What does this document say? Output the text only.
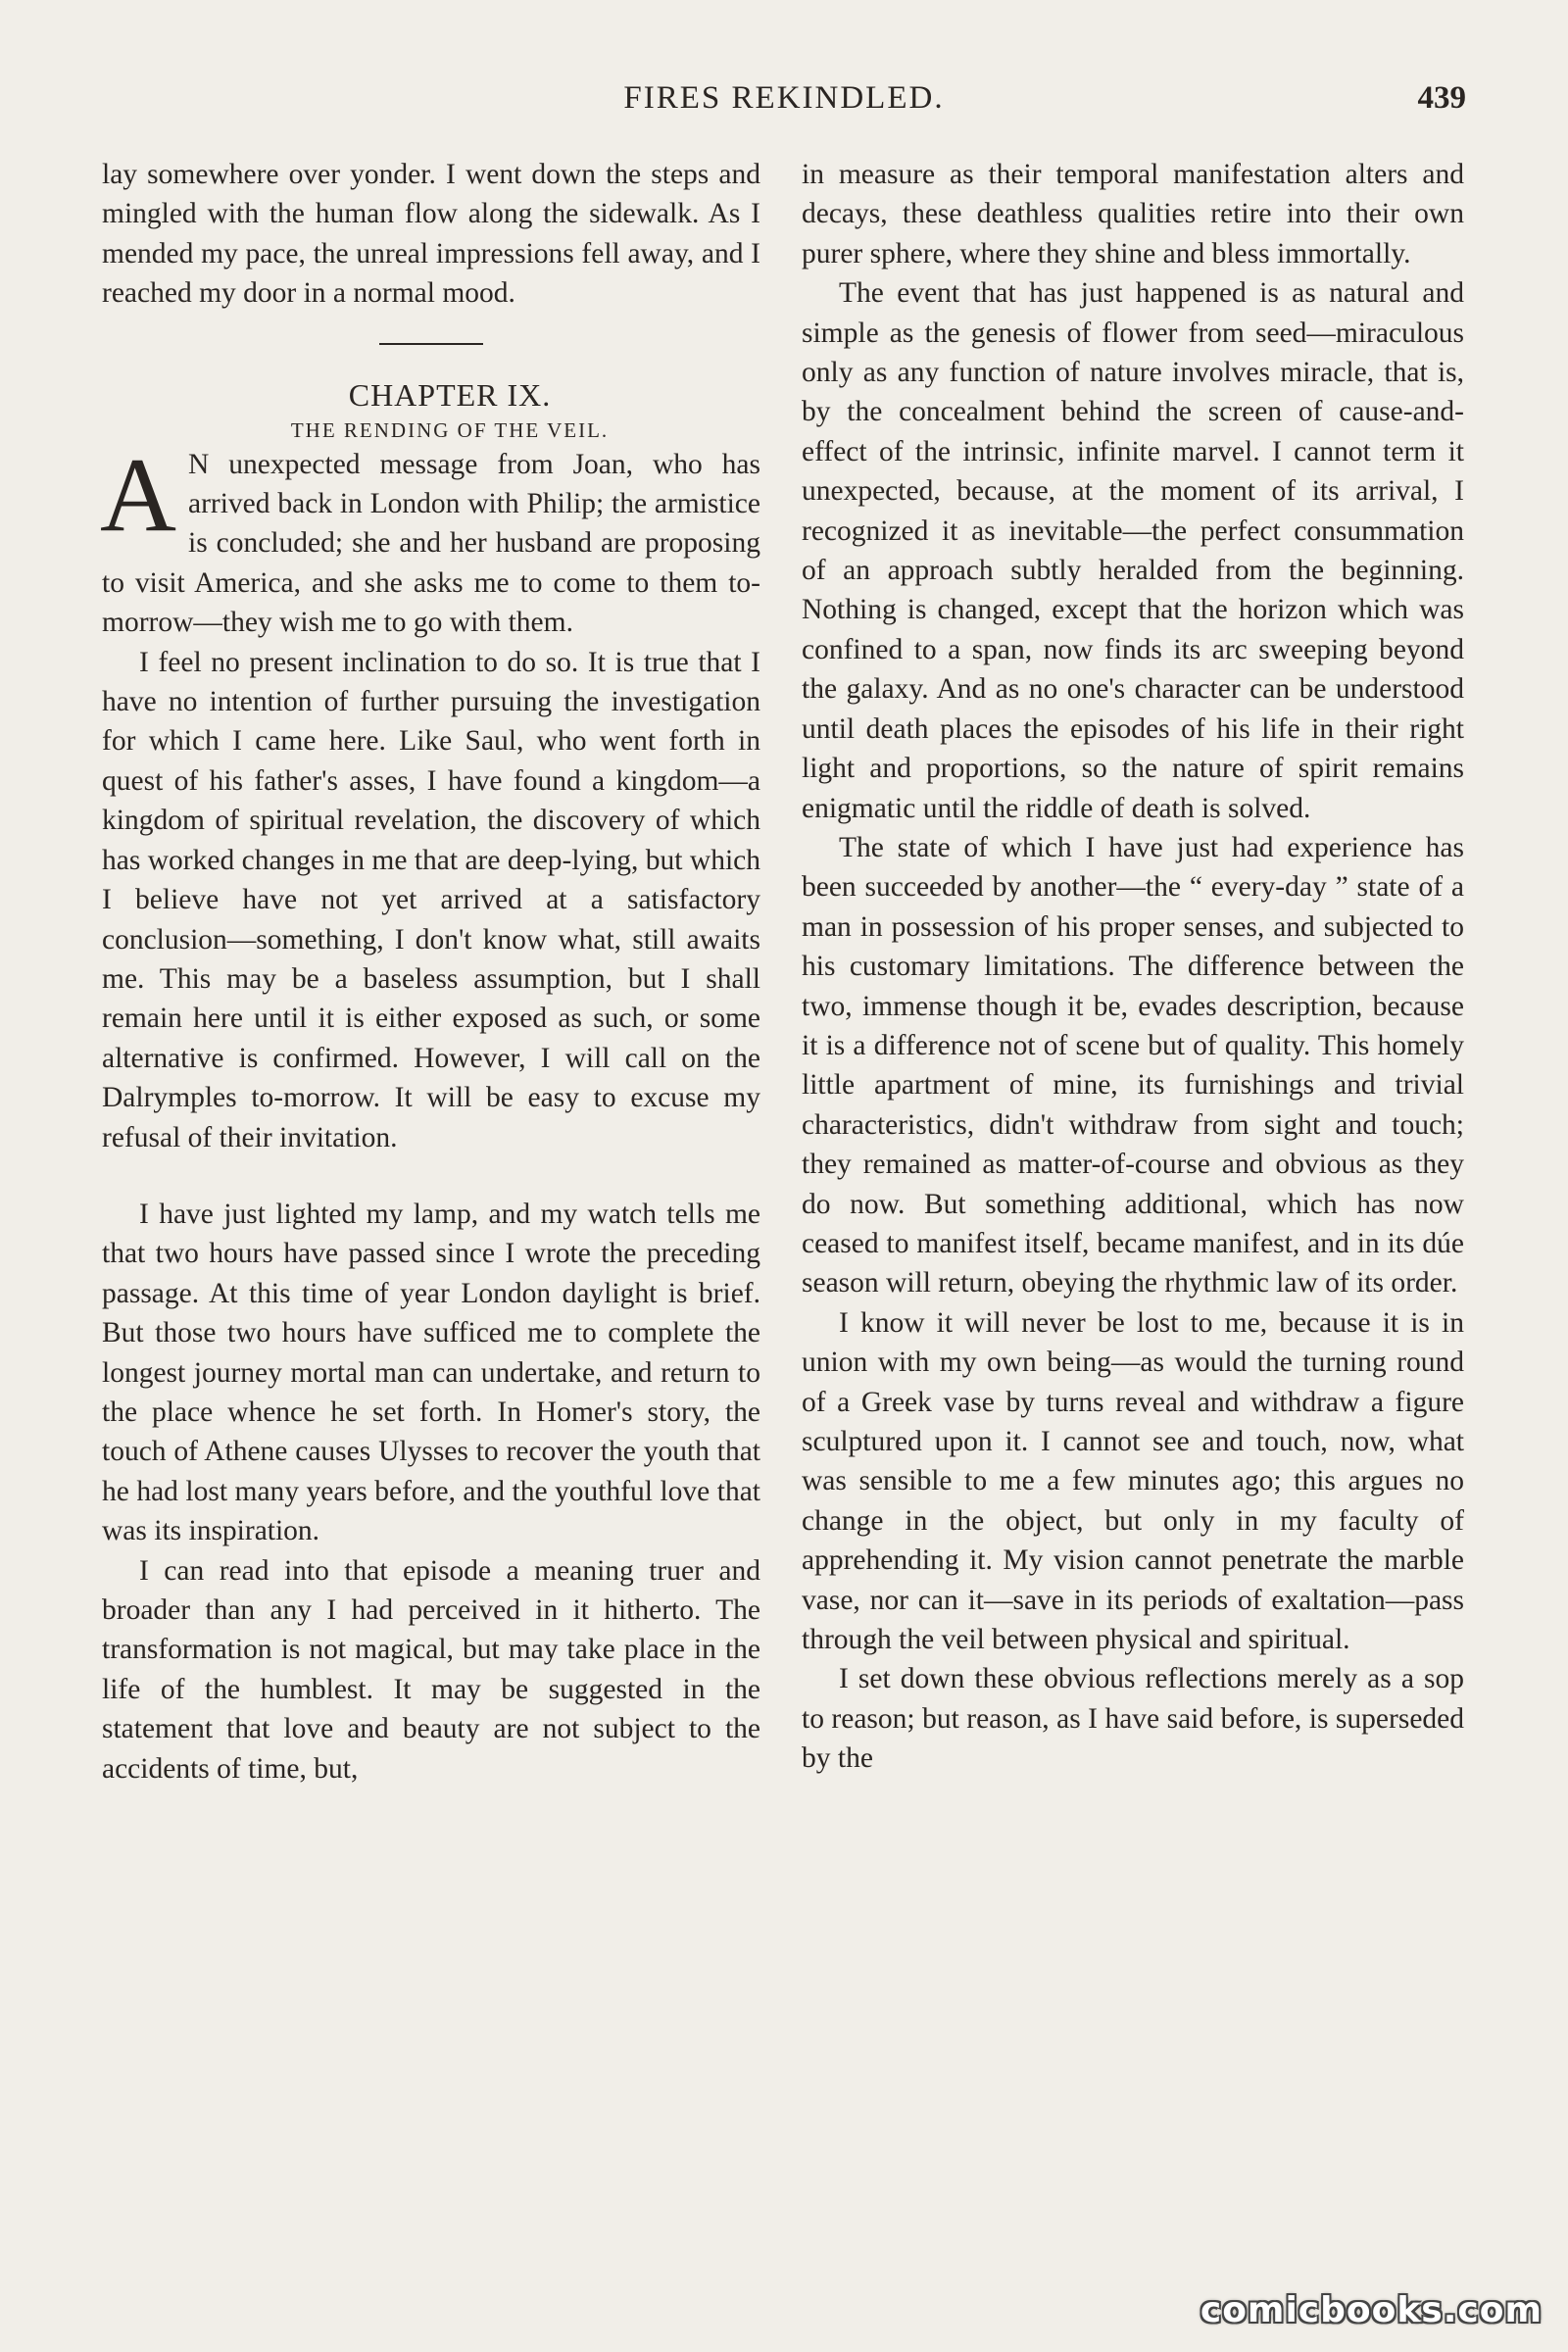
FIRES REKINDLED.	439

lay somewhere over yonder. I went down the steps and mingled with the human flow along the sidewalk. As I mended my pace, the unreal impressions fell away, and I reached my door in a normal mood.

CHAPTER IX.

THE RENDING OF THE VEIL.

A N unexpected message from Joan, who has arrived back in London with Philip; the armistice is concluded; she and her husband are proposing to visit America, and she asks me to come to them to-morrow—they wish me to go with them.

I feel no present inclination to do so. It is true that I have no intention of further pursuing the investigation for which I came here. Like Saul, who went forth in quest of his father's asses, I have found a kingdom—a kingdom of spiritual revelation, the discovery of which has worked changes in me that are deep-lying, but which I believe have not yet arrived at a satisfactory conclusion—something, I don't know what, still awaits me. This may be a baseless assumption, but I shall remain here until it is either exposed as such, or some alternative is confirmed. However, I will call on the Dalrymples to-morrow. It will be easy to excuse my refusal of their invitation.

I have just lighted my lamp, and my watch tells me that two hours have passed since I wrote the preceding passage. At this time of year London daylight is brief. But those two hours have sufficed me to complete the longest journey mortal man can undertake, and return to the place whence he set forth. In Homer's story, the touch of Athene causes Ulysses to recover the youth that he had lost many years before, and the youthful love that was its inspiration.

I can read into that episode a meaning truer and broader than any I had perceived in it hitherto. The transformation is not magical, but may take place in the life of the humblest. It may be suggested in the statement that love and beauty are not subject to the accidents of time, but,

in measure as their temporal manifestation alters and decays, these deathless qualities retire into their own purer sphere, where they shine and bless immortally.

The event that has just happened is as natural and simple as the genesis of flower from seed—miraculous only as any function of nature involves miracle, that is, by the concealment behind the screen of cause-and-effect of the intrinsic, infinite marvel. I cannot term it unexpected, because, at the moment of its arrival, I recognized it as inevitable—the perfect consummation of an approach subtly heralded from the beginning. Nothing is changed, except that the horizon which was confined to a span, now finds its arc sweeping beyond the galaxy. And as no one's character can be understood until death places the episodes of his life in their right light and proportions, so the nature of spirit remains enigmatic until the riddle of death is solved.

The state of which I have just had experience has been succeeded by another—the “ every-day ” state of a man in possession of his proper senses, and subjected to his customary limitations. The difference between the two, immense though it be, evades description, because it is a difference not of scene but of quality. This homely little apartment of mine, its furnishings and trivial characteristics, didn't withdraw from sight and touch; they remained as matter-of-course and obvious as they do now. But something additional, which has now ceased to manifest itself, became manifest, and in its dúe season will return, obeying the rhythmic law of its order.

I know it will never be lost to me, because it is in union with my own being—as would the turning round of a Greek vase by turns reveal and withdraw a figure sculptured upon it. I cannot see and touch, now, what was sensible to me a few minutes ago; this argues no change in the object, but only in my faculty of apprehending it. My vision cannot penetrate the marble vase, nor can it—save in its periods of exaltation—pass through the veil between physical and spiritual.

I set down these obvious reflections merely as a sop to reason; but reason, as I have said before, is superseded by the

comicbooks.com
